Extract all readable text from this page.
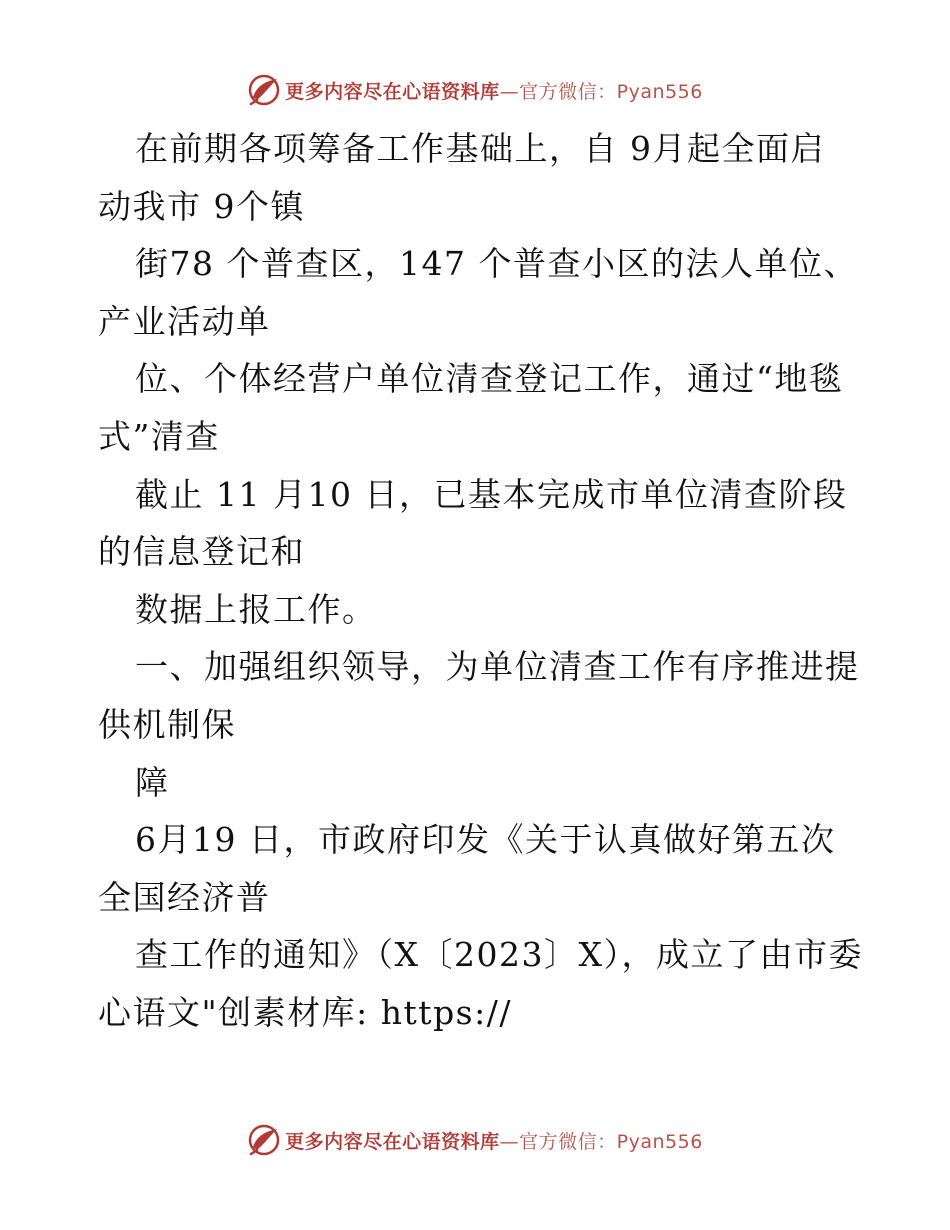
更多内容尽在心语资料库—官方微信：Pyan556
在前期各项筹备工作基础上，自 9月起全面启
动我市 9个镇
街78 个普查区，147 个普查小区的法人单位、
产业活动单
位、个体经营户单位清查登记工作，通过“地毯
式”清查
截止 11 月10 日，已基本完成市单位清查阶段
的信息登记和
数据上报工作。
一、加强组织领导，为单位清查工作有序推进提
供机制保
障
6月19 日，市政府印发《关于认真做好第五次
全国经济普
查工作的通知》（X〔2023〕X），成立了由市委
心语文"创素材库: https://
更多内容尽在心语资料库—官方微信：Pyan556
